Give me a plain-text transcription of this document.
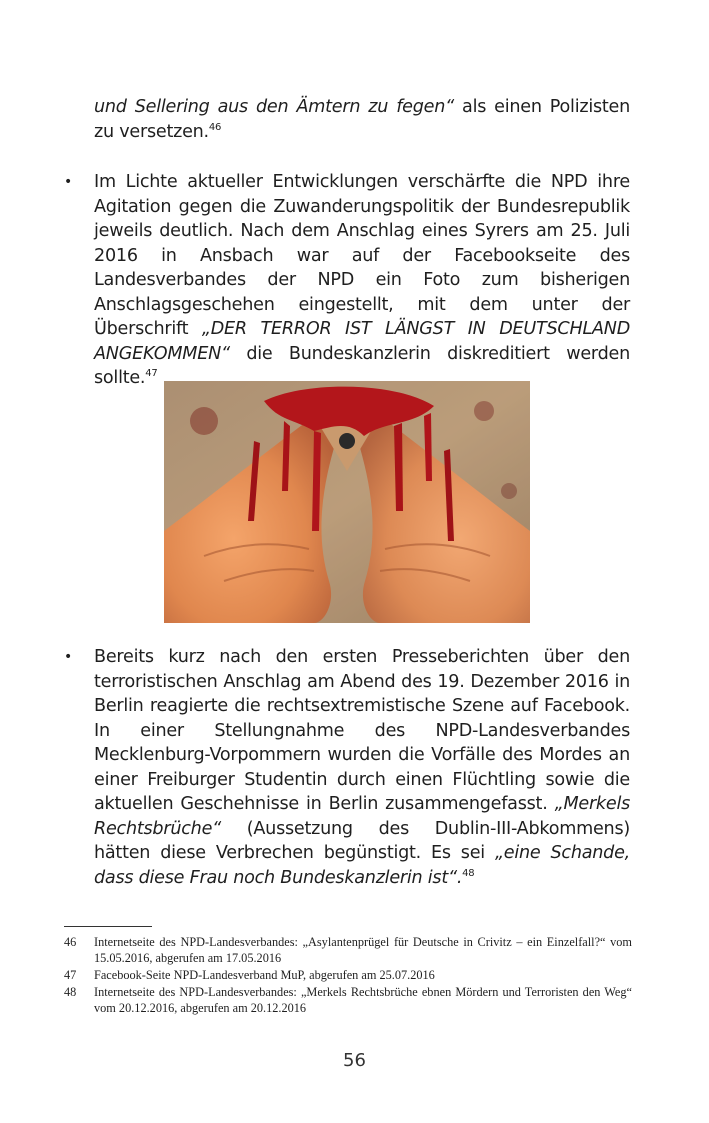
und Sellering aus den Ämtern zu fegen“ als einen Polizisten zu versetzen.$^{46}$
• Im Lichte aktueller Entwicklungen verschärfte die NPD ihre Agitation gegen die Zuwanderungspolitik der Bundesrepublik jeweils deutlich. Nach dem Anschlag eines Syrers am 25. Juli 2016 in Ansbach war auf der Facebookseite des Landesverbandes der NPD ein Foto zum bisherigen Anschlagsgeschehen eingestellt, mit dem unter der Überschrift „DER TERROR IST LÄNGST IN DEUTSCHLAND ANGEKOMMEN“ die Bundeskanzlerin diskreditiert werden sollte.$^{47}$
• Bereits kurz nach den ersten Presseberichten über den terroristischen Anschlag am Abend des 19. Dezember 2016 in Berlin reagierte die rechtsextremistische Szene auf Facebook. In einer Stellungnahme des NPD-Landesverbandes Mecklenburg-Vorpommern wurden die Vorfälle des Mordes an einer Freiburger Studentin durch einen Flüchtling sowie die aktuellen Geschehnisse in Berlin zusammengefasst. „Merkels Rechtsbrüche“ (Aussetzung des Dublin-III-Abkommens) hätten diese Verbrechen begünstigt. Es sei „eine Schande, dass diese Frau noch Bundeskanzlerin ist“.$^{48}$
46 Internetseite des NPD-Landesverbandes: „Asylantenprügel für Deutsche in Crivitz – ein Einzelfall?“ vom 15.05.2016, abgerufen am 17.05.2016
47 Facebook-Seite NPD-Landesverband MuP, abgerufen am 25.07.2016
48 Internetseite des NPD-Landesverbandes: „Merkels Rechtsbrüche ebnen Mördern und Terroristen den Weg“ vom 20.12.2016, abgerufen am 20.12.2016
56
